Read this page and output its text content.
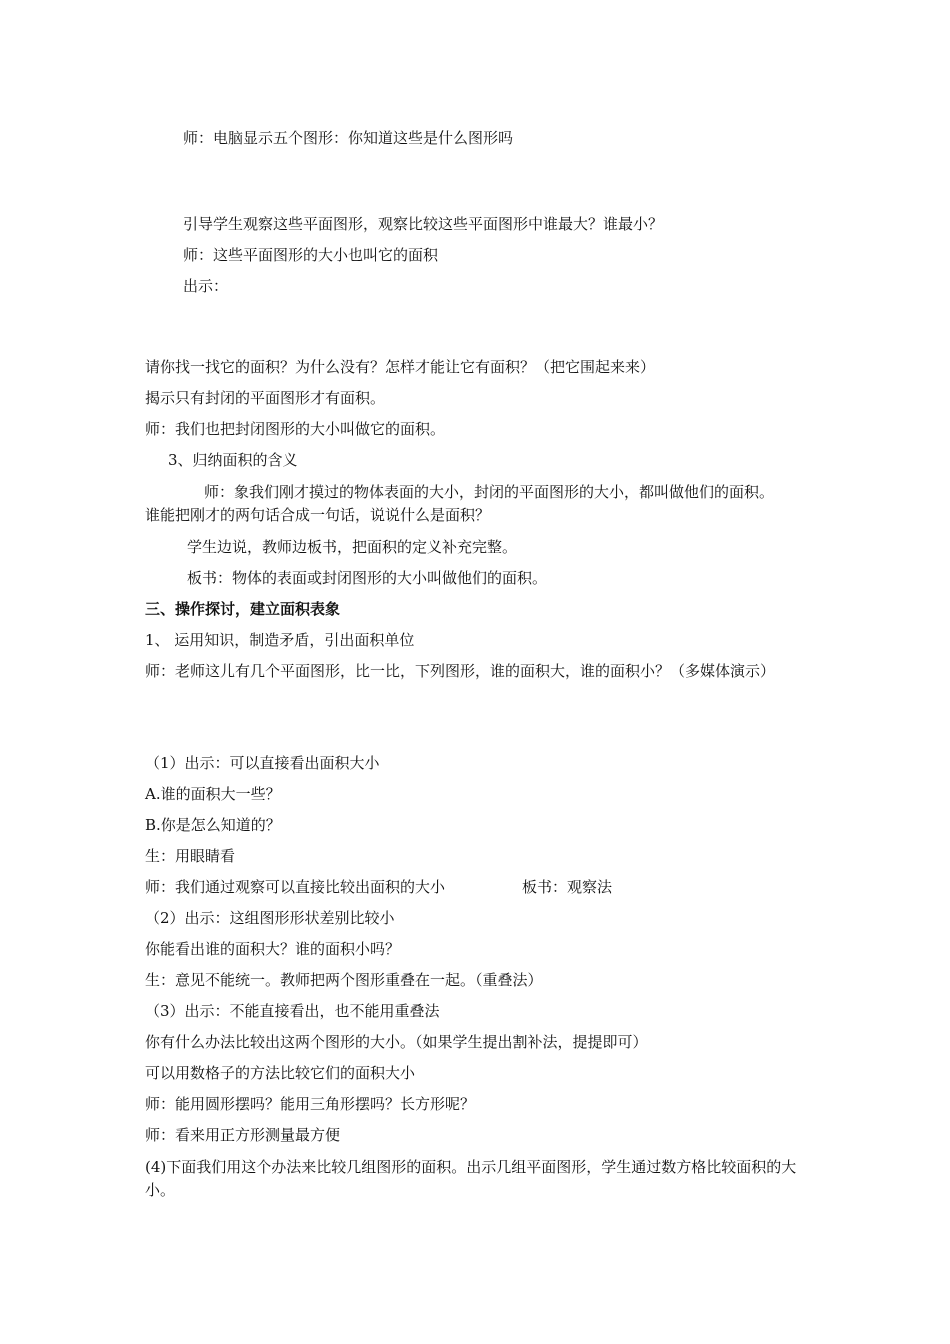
师：电脑显示五个图形：你知道这些是什么图形吗
引导学生观察这些平面图形，观察比较这些平面图形中谁最大？谁最小？
师：这些平面图形的大小也叫它的面积
出示：
请你找一找它的面积？为什么没有？怎样才能让它有面积？（把它围起来来）
揭示只有封闭的平面图形才有面积。
师：我们也把封闭图形的大小叫做它的面积。
3、归纳面积的含义
师：象我们刚才摸过的物体表面的大小，封闭的平面图形的大小，都叫做他们的面积。
谁能把刚才的两句话合成一句话，说说什么是面积？
学生边说，教师边板书，把面积的定义补充完整。
板书：物体的表面或封闭图形的大小叫做他们的面积。
三、操作探讨，建立面积表象
1、 运用知识，制造矛盾，引出面积单位
师：老师这儿有几个平面图形，比一比，下列图形，谁的面积大，谁的面积小？（多媒体演示）
（1）出示：可以直接看出面积大小
A.谁的面积大一些？
B.你是怎么知道的？
生：用眼睛看
师：我们通过观察可以直接比较出面积的大小	板书：观察法
（2）出示：这组图形形状差别比较小
你能看出谁的面积大？谁的面积小吗？
生：意见不能统一。教师把两个图形重叠在一起。（重叠法）
（3）出示：不能直接看出，也不能用重叠法
你有什么办法比较出这两个图形的大小。（如果学生提出割补法，提提即可）
可以用数格子的方法比较它们的面积大小
师：能用圆形摆吗？能用三角形摆吗？长方形呢？
师：看来用正方形测量最方便
(4)下面我们用这个办法来比较几组图形的面积。出示几组平面图形，学生通过数方格比较面积的大小。
